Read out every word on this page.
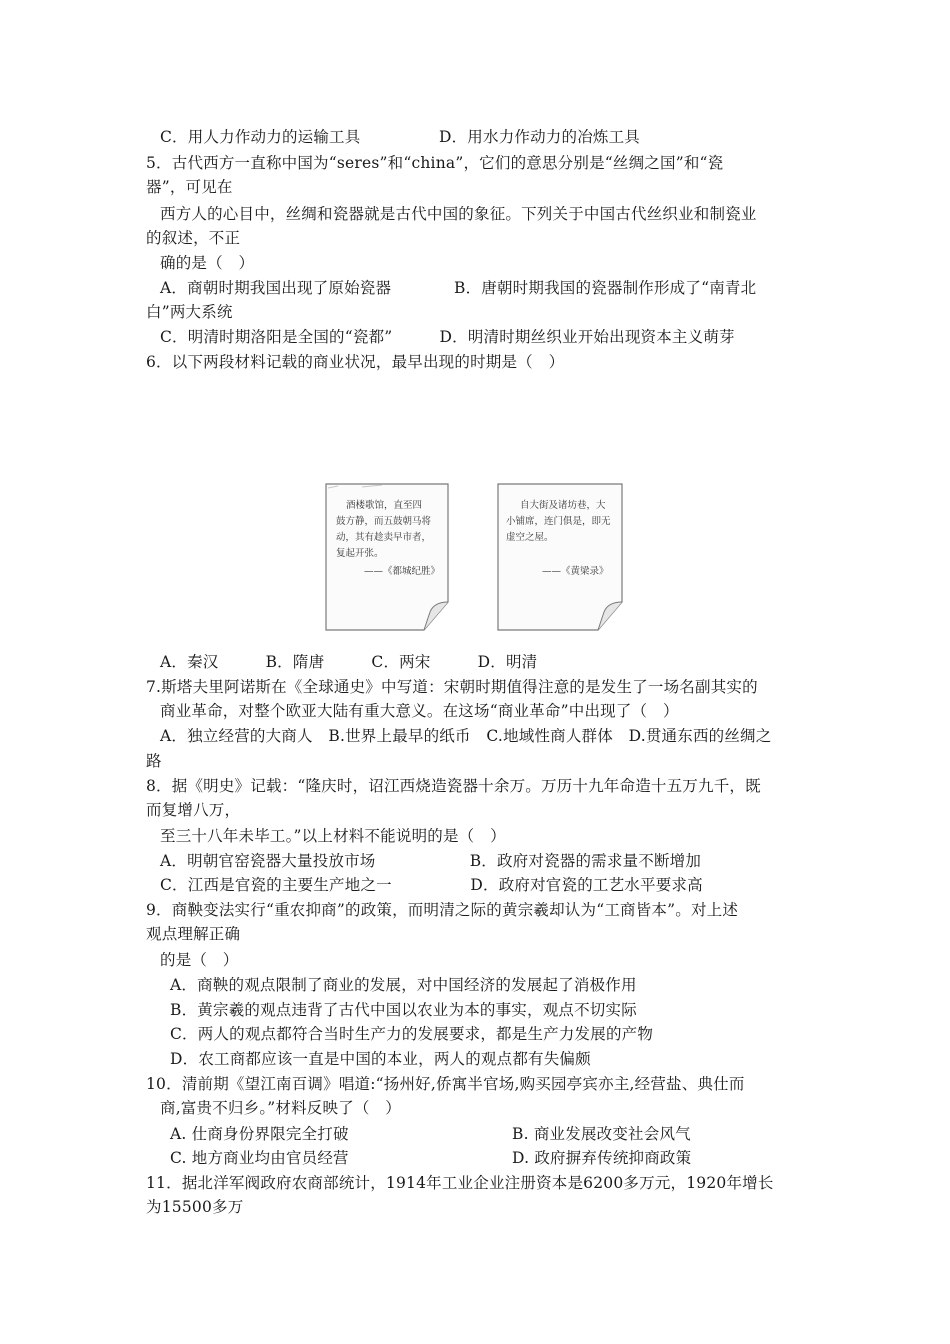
C．用人力作动力的运输工具　　　　　D．用水力作动力的冶炼工具
5．古代西方一直称中国为“seres”和“china”，它们的意思分别是“丝绸之国”和“瓷
器”，可见在
西方人的心目中，丝绸和瓷器就是古代中国的象征。下列关于中国古代丝织业和制瓷业
的叙述，不正
确的是（　）
A．商朝时期我国出现了原始瓷器　　　　B．唐朝时期我国的瓷器制作形成了“南青北
白”两大系统
C．明清时期洛阳是全国的“瓷都”　　　D．明清时期丝织业开始出现资本主义萌芽
6．以下两段材料记载的商业状况，最早出现的时期是（　）
酒楼歌馆，直至四
鼓方静，而五鼓朝马将
动，其有趁卖早市者，
复起开张。
——《都城纪胜》
自大街及诸坊巷，大
小铺席，连门俱是，即无
虚空之屋。
——《黄梁录》
A．秦汉　　　B．隋唐　　　C．两宋　　　D．明清
7.斯塔夫里阿诺斯在《全球通史》中写道：宋朝时期值得注意的是发生了一场名副其实的
商业革命，对整个欧亚大陆有重大意义。在这场“商业革命”中出现了（　）
A．独立经营的大商人　B.世界上最早的纸币　C.地域性商人群体　D.贯通东西的丝绸之
路
8．据《明史》记载：“隆庆时，诏江西烧造瓷器十余万。万历十九年命造十五万九千，既
而复增八万，
至三十八年未毕工。”以上材料不能说明的是（　）
A．明朝官窑瓷器大量投放市场　　　　　　B．政府对瓷器的需求量不断增加
C．江西是官瓷的主要生产地之一　　　　　D．政府对官瓷的工艺水平要求高
9．商鞅变法实行“重农抑商”的政策，而明清之际的黄宗羲却认为“工商皆本”。对上述
观点理解正确
的是（　）
A．商鞅的观点限制了商业的发展，对中国经济的发展起了消极作用
B．黄宗羲的观点违背了古代中国以农业为本的事实，观点不切实际
C．两人的观点都符合当时生产力的发展要求，都是生产力发展的产物
D．农工商都应该一直是中国的本业，两人的观点都有失偏颇
10．清前期《望江南百调》唱道:“扬州好,侨寓半官场,购买园亭宾亦主,经营盐、典仕而
商,富贵不归乡。”材料反映了（　）
A. 仕商身份界限完全打破	B. 商业发展改变社会风气
C. 地方商业均由官员经营	D. 政府摒弃传统抑商政策
11．据北洋军阀政府农商部统计，1914年工业企业注册资本是6200多万元，1920年增长
为15500多万
